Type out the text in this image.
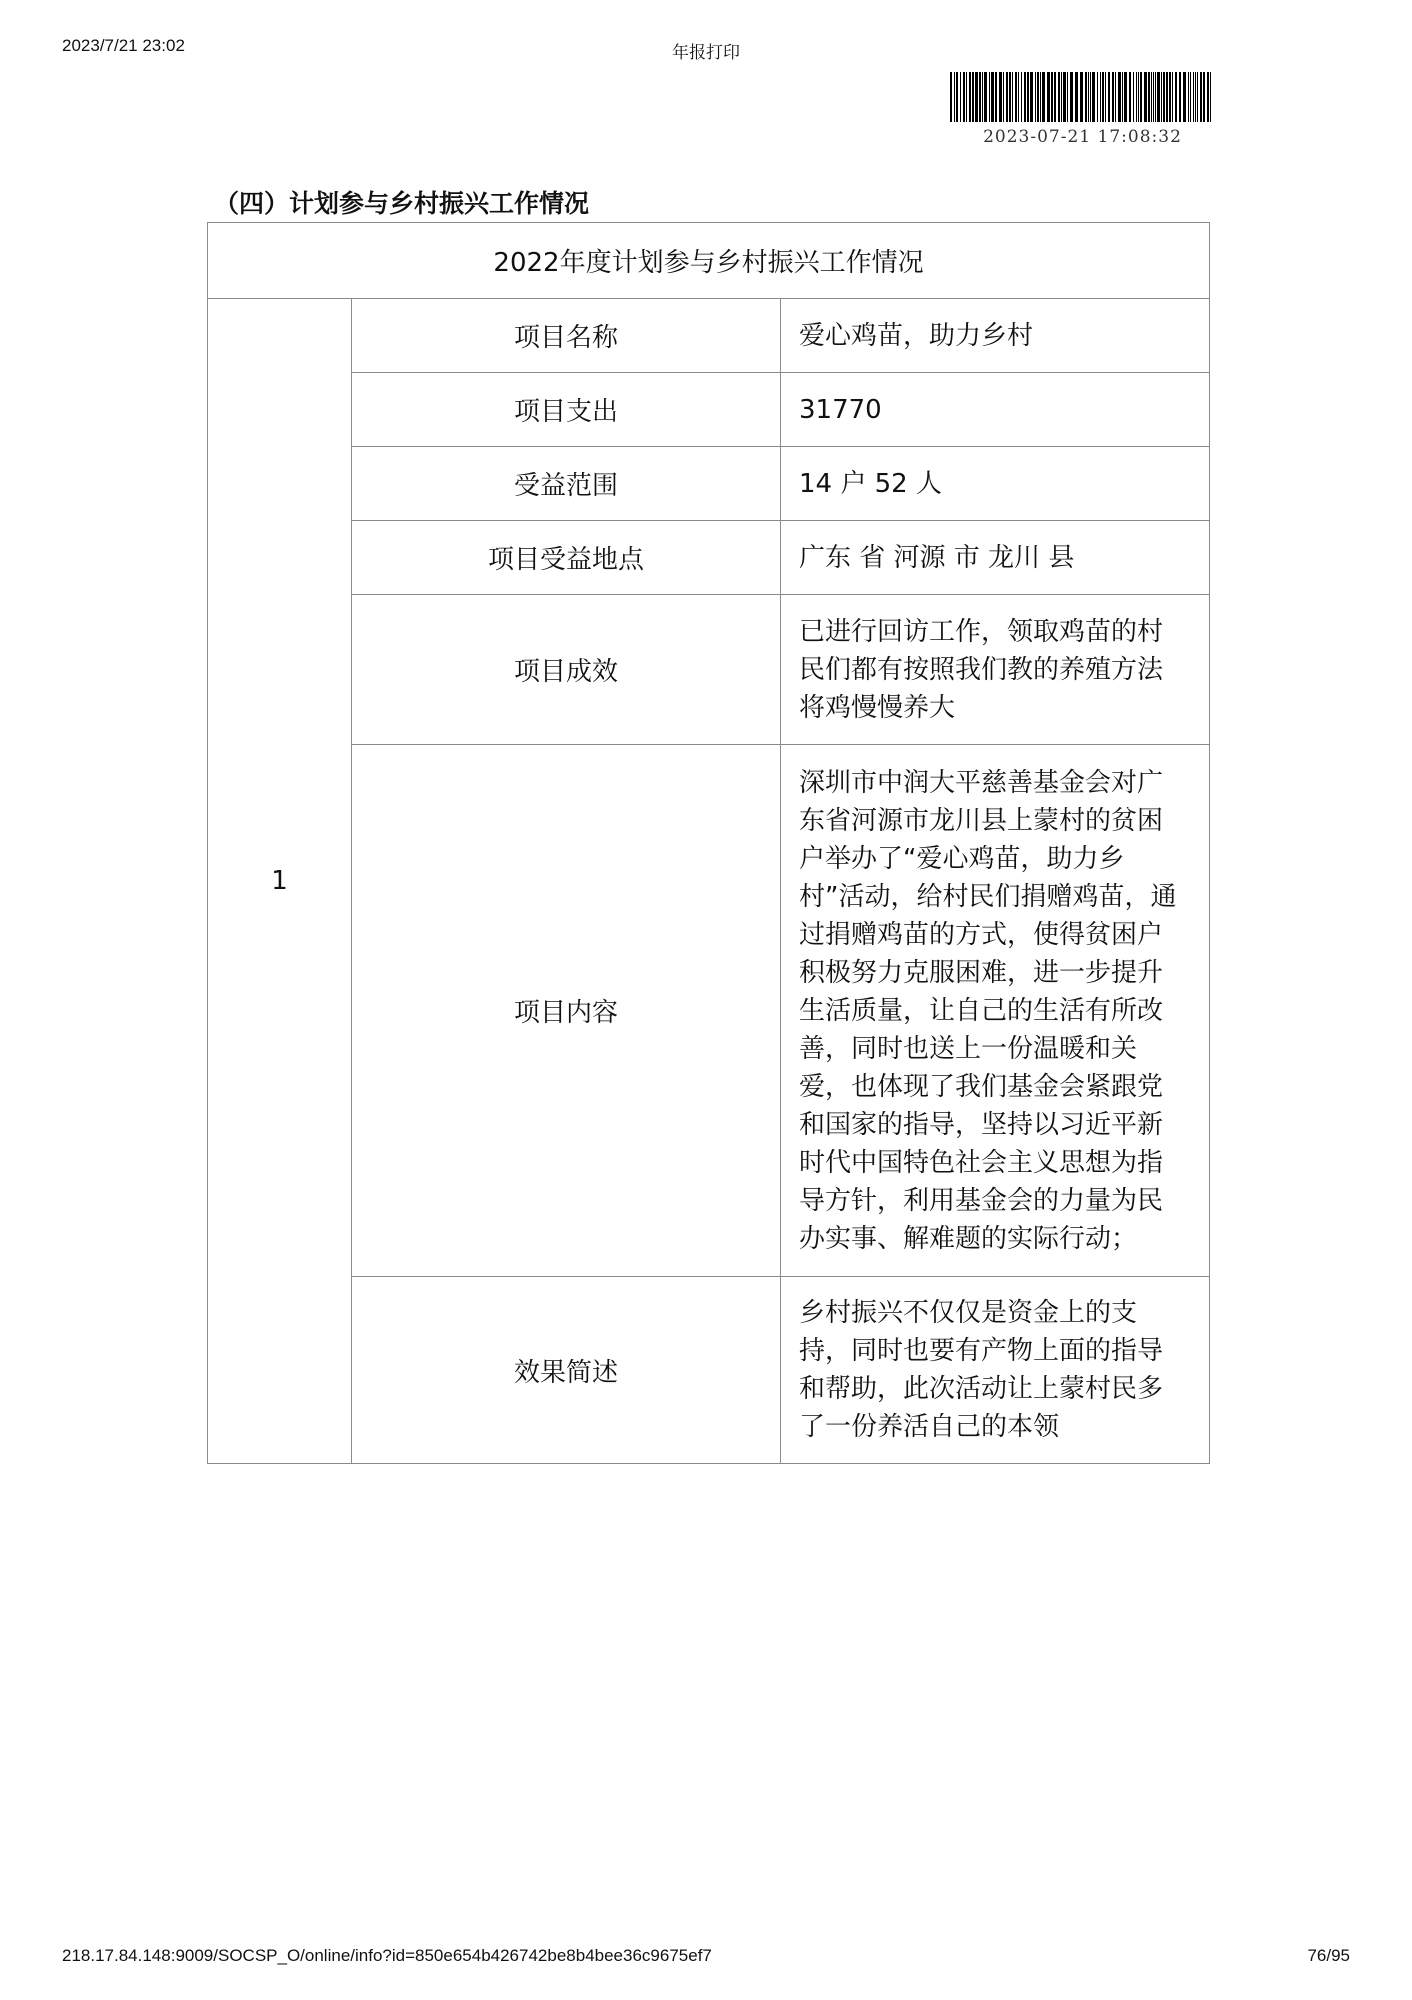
2023/7/21 23:02	年报打印
2023-07-21 17:08:32
（四）计划参与乡村振兴工作情况
2022年度计划参与乡村振兴工作情况		
1	项目名称	爱心鸡苗，助力乡村
	项目支出	31770
	受益范围	14 户 52 人
	项目受益地点	广东 省 河源 市 龙川 县
	项目成效	已进行回访工作，领取鸡苗的村民们都有按照我们教的养殖方法将鸡慢慢养大
	项目内容	深圳市中润大平慈善基金会对广东省河源市龙川县上蒙村的贫困户举办了“爱心鸡苗，助力乡村”活动，给村民们捐赠鸡苗，通过捐赠鸡苗的方式，使得贫困户积极努力克服困难，进一步提升生活质量，让自己的生活有所改善，同时也送上一份温暖和关爱，也体现了我们基金会紧跟党和国家的指导，坚持以习近平新时代中国特色社会主义思想为指导方针，利用基金会的力量为民办实事、解难题的实际行动；
	效果简述	乡村振兴不仅仅是资金上的支持，同时也要有产物上面的指导和帮助，此次活动让上蒙村民多了一份养活自己的本领
218.17.84.148:9009/SOCSP_O/online/info?id=850e654b426742be8b4bee36c9675ef7	76/95
